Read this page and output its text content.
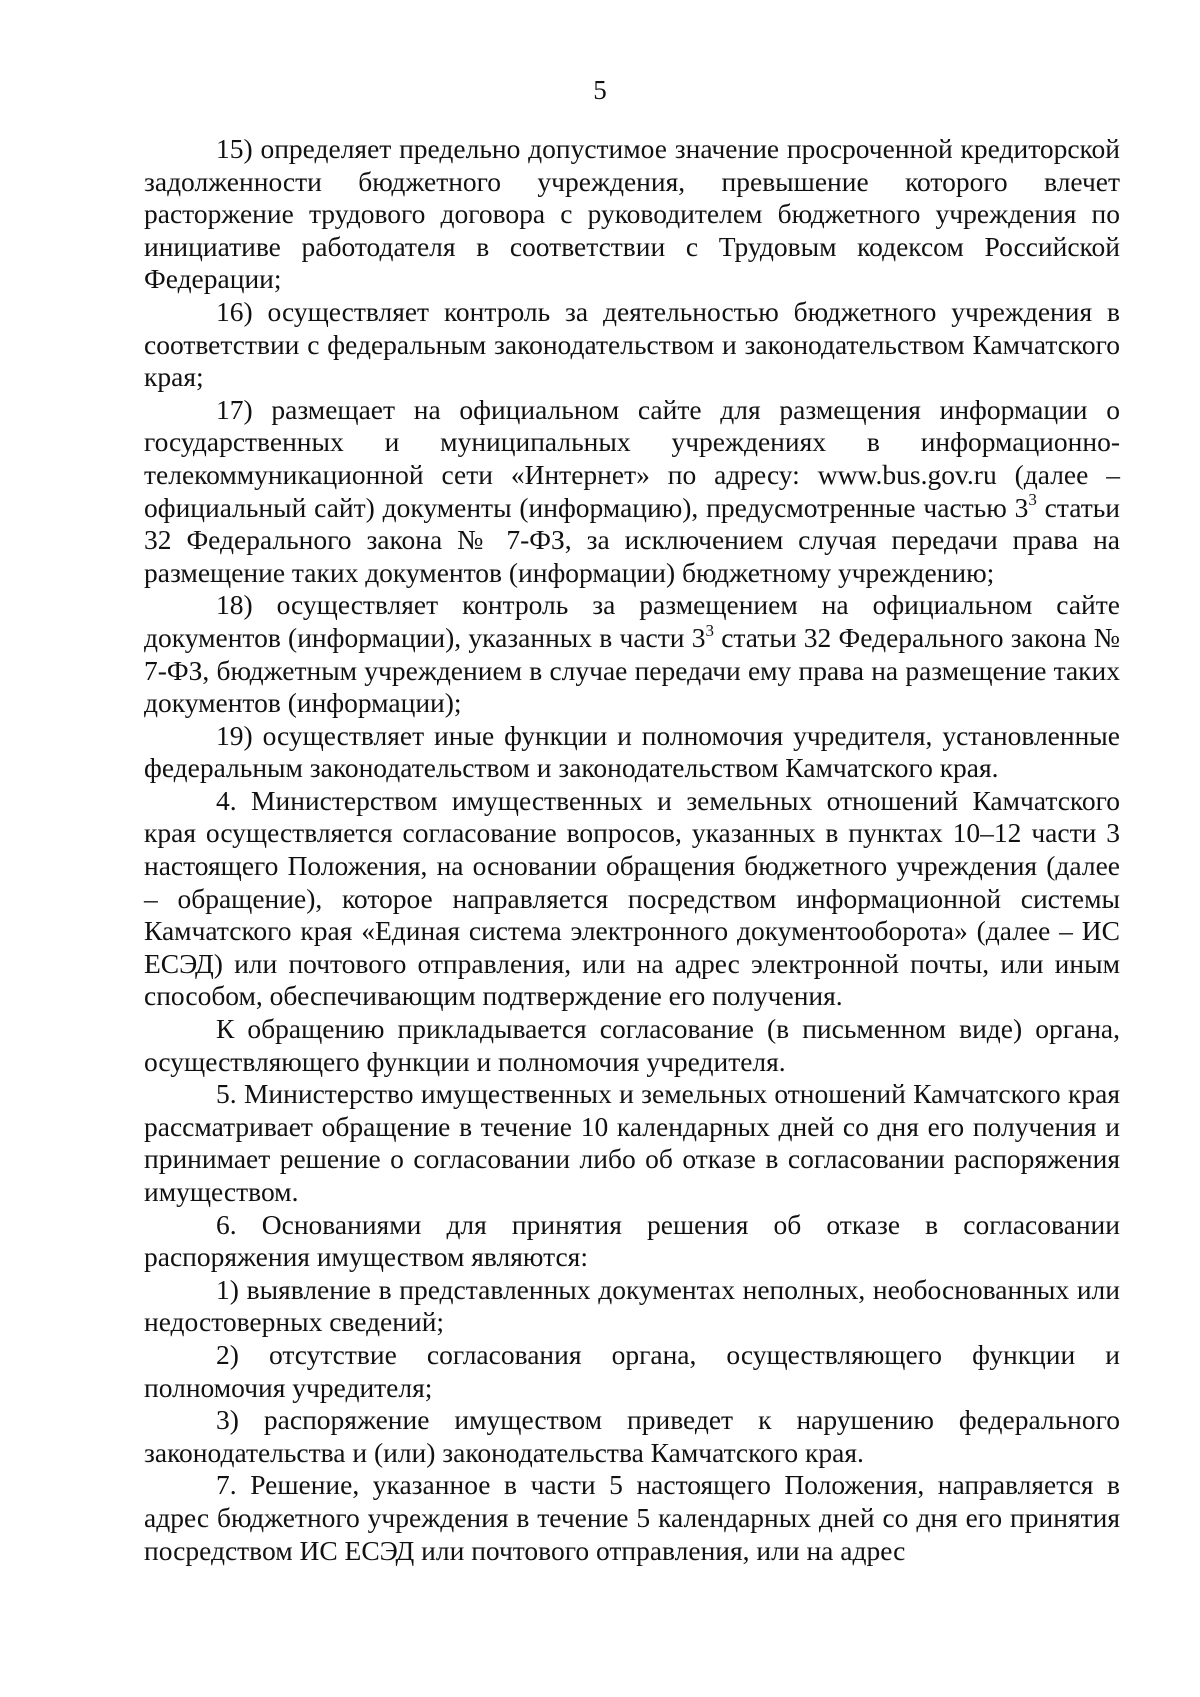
5

15) определяет предельно допустимое значение просроченной кредиторской задолженности бюджетного учреждения, превышение которого влечет расторжение трудового договора с руководителем бюджетного учреждения по инициативе работодателя в соответствии с Трудовым кодексом Российской Федерации;

16) осуществляет контроль за деятельностью бюджетного учреждения в соответствии с федеральным законодательством и законодательством Камчатского края;

17) размещает на официальном сайте для размещения информации о государственных и муниципальных учреждениях в информационно-телекоммуникационной сети «Интернет» по адресу: www.bus.gov.ru (далее – официальный сайт) документы (информацию), предусмотренные частью $3^3$ статьи 32 Федерального закона № 7-ФЗ, за исключением случая передачи права на размещение таких документов (информации) бюджетному учреждению;

18) осуществляет контроль за размещением на официальном сайте документов (информации), указанных в части $3^3$ статьи 32 Федерального закона № 7-ФЗ, бюджетным учреждением в случае передачи ему права на размещение таких документов (информации);

19) осуществляет иные функции и полномочия учредителя, установленные федеральным законодательством и законодательством Камчатского края.

4. Министерством имущественных и земельных отношений Камчатского края осуществляется согласование вопросов, указанных в пунктах 10–12 части 3 настоящего Положения, на основании обращения бюджетного учреждения (далее – обращение), которое направляется посредством информационной системы Камчатского края «Единая система электронного документооборота» (далее – ИС ЕСЭД) или почтового отправления, или на адрес электронной почты, или иным способом, обеспечивающим подтверждение его получения.

К обращению прикладывается согласование (в письменном виде) органа, осуществляющего функции и полномочия учредителя.

5. Министерство имущественных и земельных отношений Камчатского края рассматривает обращение в течение 10 календарных дней со дня его получения и принимает решение о согласовании либо об отказе в согласовании распоряжения имуществом.

6. Основаниями для принятия решения об отказе в согласовании распоряжения имуществом являются:

1) выявление в представленных документах неполных, необоснованных или недостоверных сведений;

2) отсутствие согласования органа, осуществляющего функции и полномочия учредителя;

3) распоряжение имуществом приведет к нарушению федерального законодательства и (или) законодательства Камчатского края.

7. Решение, указанное в части 5 настоящего Положения, направляется в адрес бюджетного учреждения в течение 5 календарных дней со дня его принятия посредством ИС ЕСЭД или почтового отправления, или на адрес
